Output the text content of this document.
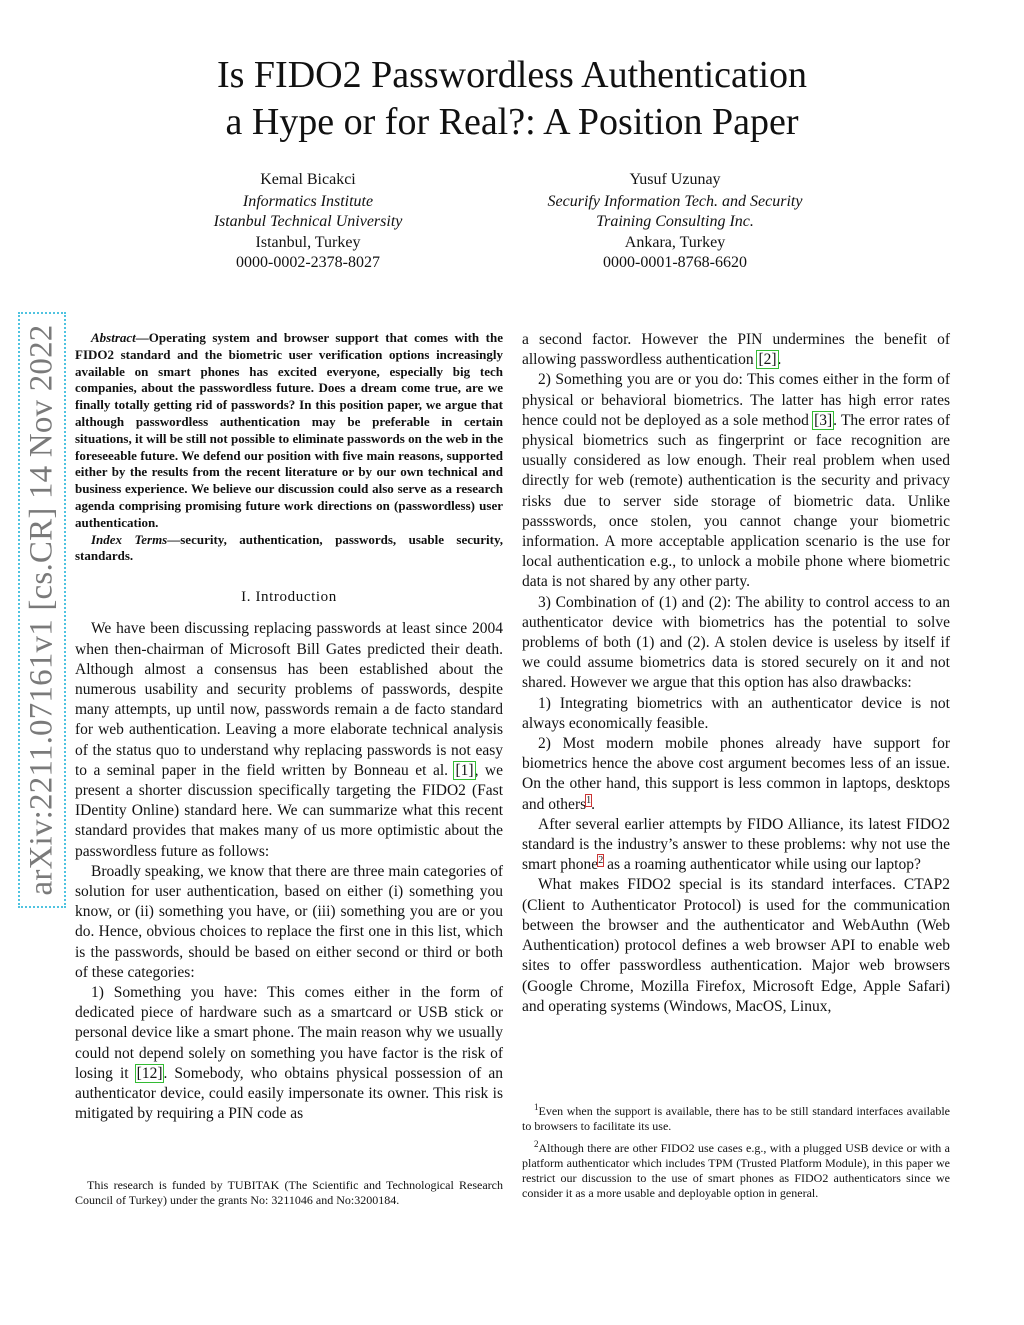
Is FIDO2 Passwordless Authentication
a Hype or for Real?: A Position Paper
Kemal Bicakci
Informatics Institute
Istanbul Technical University
Istanbul, Turkey
0000-0002-2378-8027
Yusuf Uzunay
Securify Information Tech. and Security
Training Consulting Inc.
Ankara, Turkey
0000-0001-8768-6620
arXiv:2211.07161v1 [cs.CR] 14 Nov 2022	Abstract—Operating system and browser support that comes with the FIDO2 standard and the biometric user verification options increasingly available on smart phones has excited everyone, especially big tech companies, about the passwordless future. Does a dream come true, are we finally totally getting rid of passwords? In this position paper, we argue that although passwordless authentication may be preferable in certain situations, it will be still not possible to eliminate passwords on the web in the foreseeable future. We defend our position with five main reasons, supported either by the results from the recent literature or by our own technical and business experience. We believe our discussion could also serve as a research agenda comprising promising future work directions on (passwordless) user authentication.

Index Terms—security, authentication, passwords, usable security, standards.

I. Introduction

We have been discussing replacing passwords at least since 2004 when then-chairman of Microsoft Bill Gates predicted their death. Although almost a consensus has been established about the numerous usability and security problems of passwords, despite many attempts, up until now, passwords remain a de facto standard for web authentication. Leaving a more elaborate technical analysis of the status quo to understand why replacing passwords is not easy to a seminal paper in the field written by Bonneau et al. [1], we present a shorter discussion specifically targeting the FIDO2 (Fast IDentity Online) standard here. We can summarize what this recent standard provides that makes many of us more optimistic about the passwordless future as follows:

Broadly speaking, we know that there are three main categories of solution for user authentication, based on either (i) something you know, or (ii) something you have, or (iii) something you are or you do. Hence, obvious choices to replace the first one in this list, which is the passwords, should be based on either second or third or both of these categories:

1) Something you have: This comes either in the form of dedicated piece of hardware such as a smartcard or USB stick or personal device like a smart phone. The main reason why we usually could not depend solely on something you have factor is the risk of losing it [12]. Somebody, who obtains physical possession of an authenticator device, could easily impersonate its owner. This risk is mitigated by requiring a PIN code as

a second factor. However the PIN undermines the benefit of allowing passwordless authentication [2].

2) Something you are or you do: This comes either in the form of physical or behavioral biometrics. The latter has high error rates hence could not be deployed as a sole method [3]. The error rates of physical biometrics such as fingerprint or face recognition are usually considered as low enough. Their real problem when used directly for web (remote) authentication is the security and privacy risks due to server side storage of biometric data. Unlike passswords, once stolen, you cannot change your biometric information. A more acceptable application scenario is the use for local authentication e.g., to unlock a mobile phone where biometric data is not shared by any other party.

3) Combination of (1) and (2): The ability to control access to an authenticator device with biometrics has the potential to solve problems of both (1) and (2). A stolen device is useless by itself if we could assume biometrics data is stored securely on it and not shared. However we argue that this option has also drawbacks:

1) Integrating biometrics with an authenticator device is not always economically feasible.

2) Most modern mobile phones already have support for biometrics hence the above cost argument becomes less of an issue. On the other hand, this support is less common in laptops, desktops and others$^1$.

After several earlier attempts by FIDO Alliance, its latest FIDO2 standard is the industry’s answer to these problems: why not use the smart phone$^2$ as a roaming authenticator while using our laptop?

What makes FIDO2 special is its standard interfaces. CTAP2 (Client to Authenticator Protocol) is used for the communication between the browser and the authenticator and WebAuthn (Web Authentication) protocol defines a web browser API to enable web sites to offer passwordless authentication. Major web browsers (Google Chrome, Mozilla Firefox, Microsoft Edge, Apple Safari) and operating systems (Windows, MacOS, Linux,

This research is funded by TUBITAK (The Scientific and Technological Research Council of Turkey) under the grants No: 3211046 and No:3200184.

$^1$Even when the support is available, there has to be still standard interfaces available to browsers to facilitate its use.

$^2$Although there are other FIDO2 use cases e.g., with a plugged USB device or with a platform authenticator which includes TPM (Trusted Platform Module), in this paper we restrict our discussion to the use of smart phones as FIDO2 authenticators since we consider it as a more usable and deployable option in general.
